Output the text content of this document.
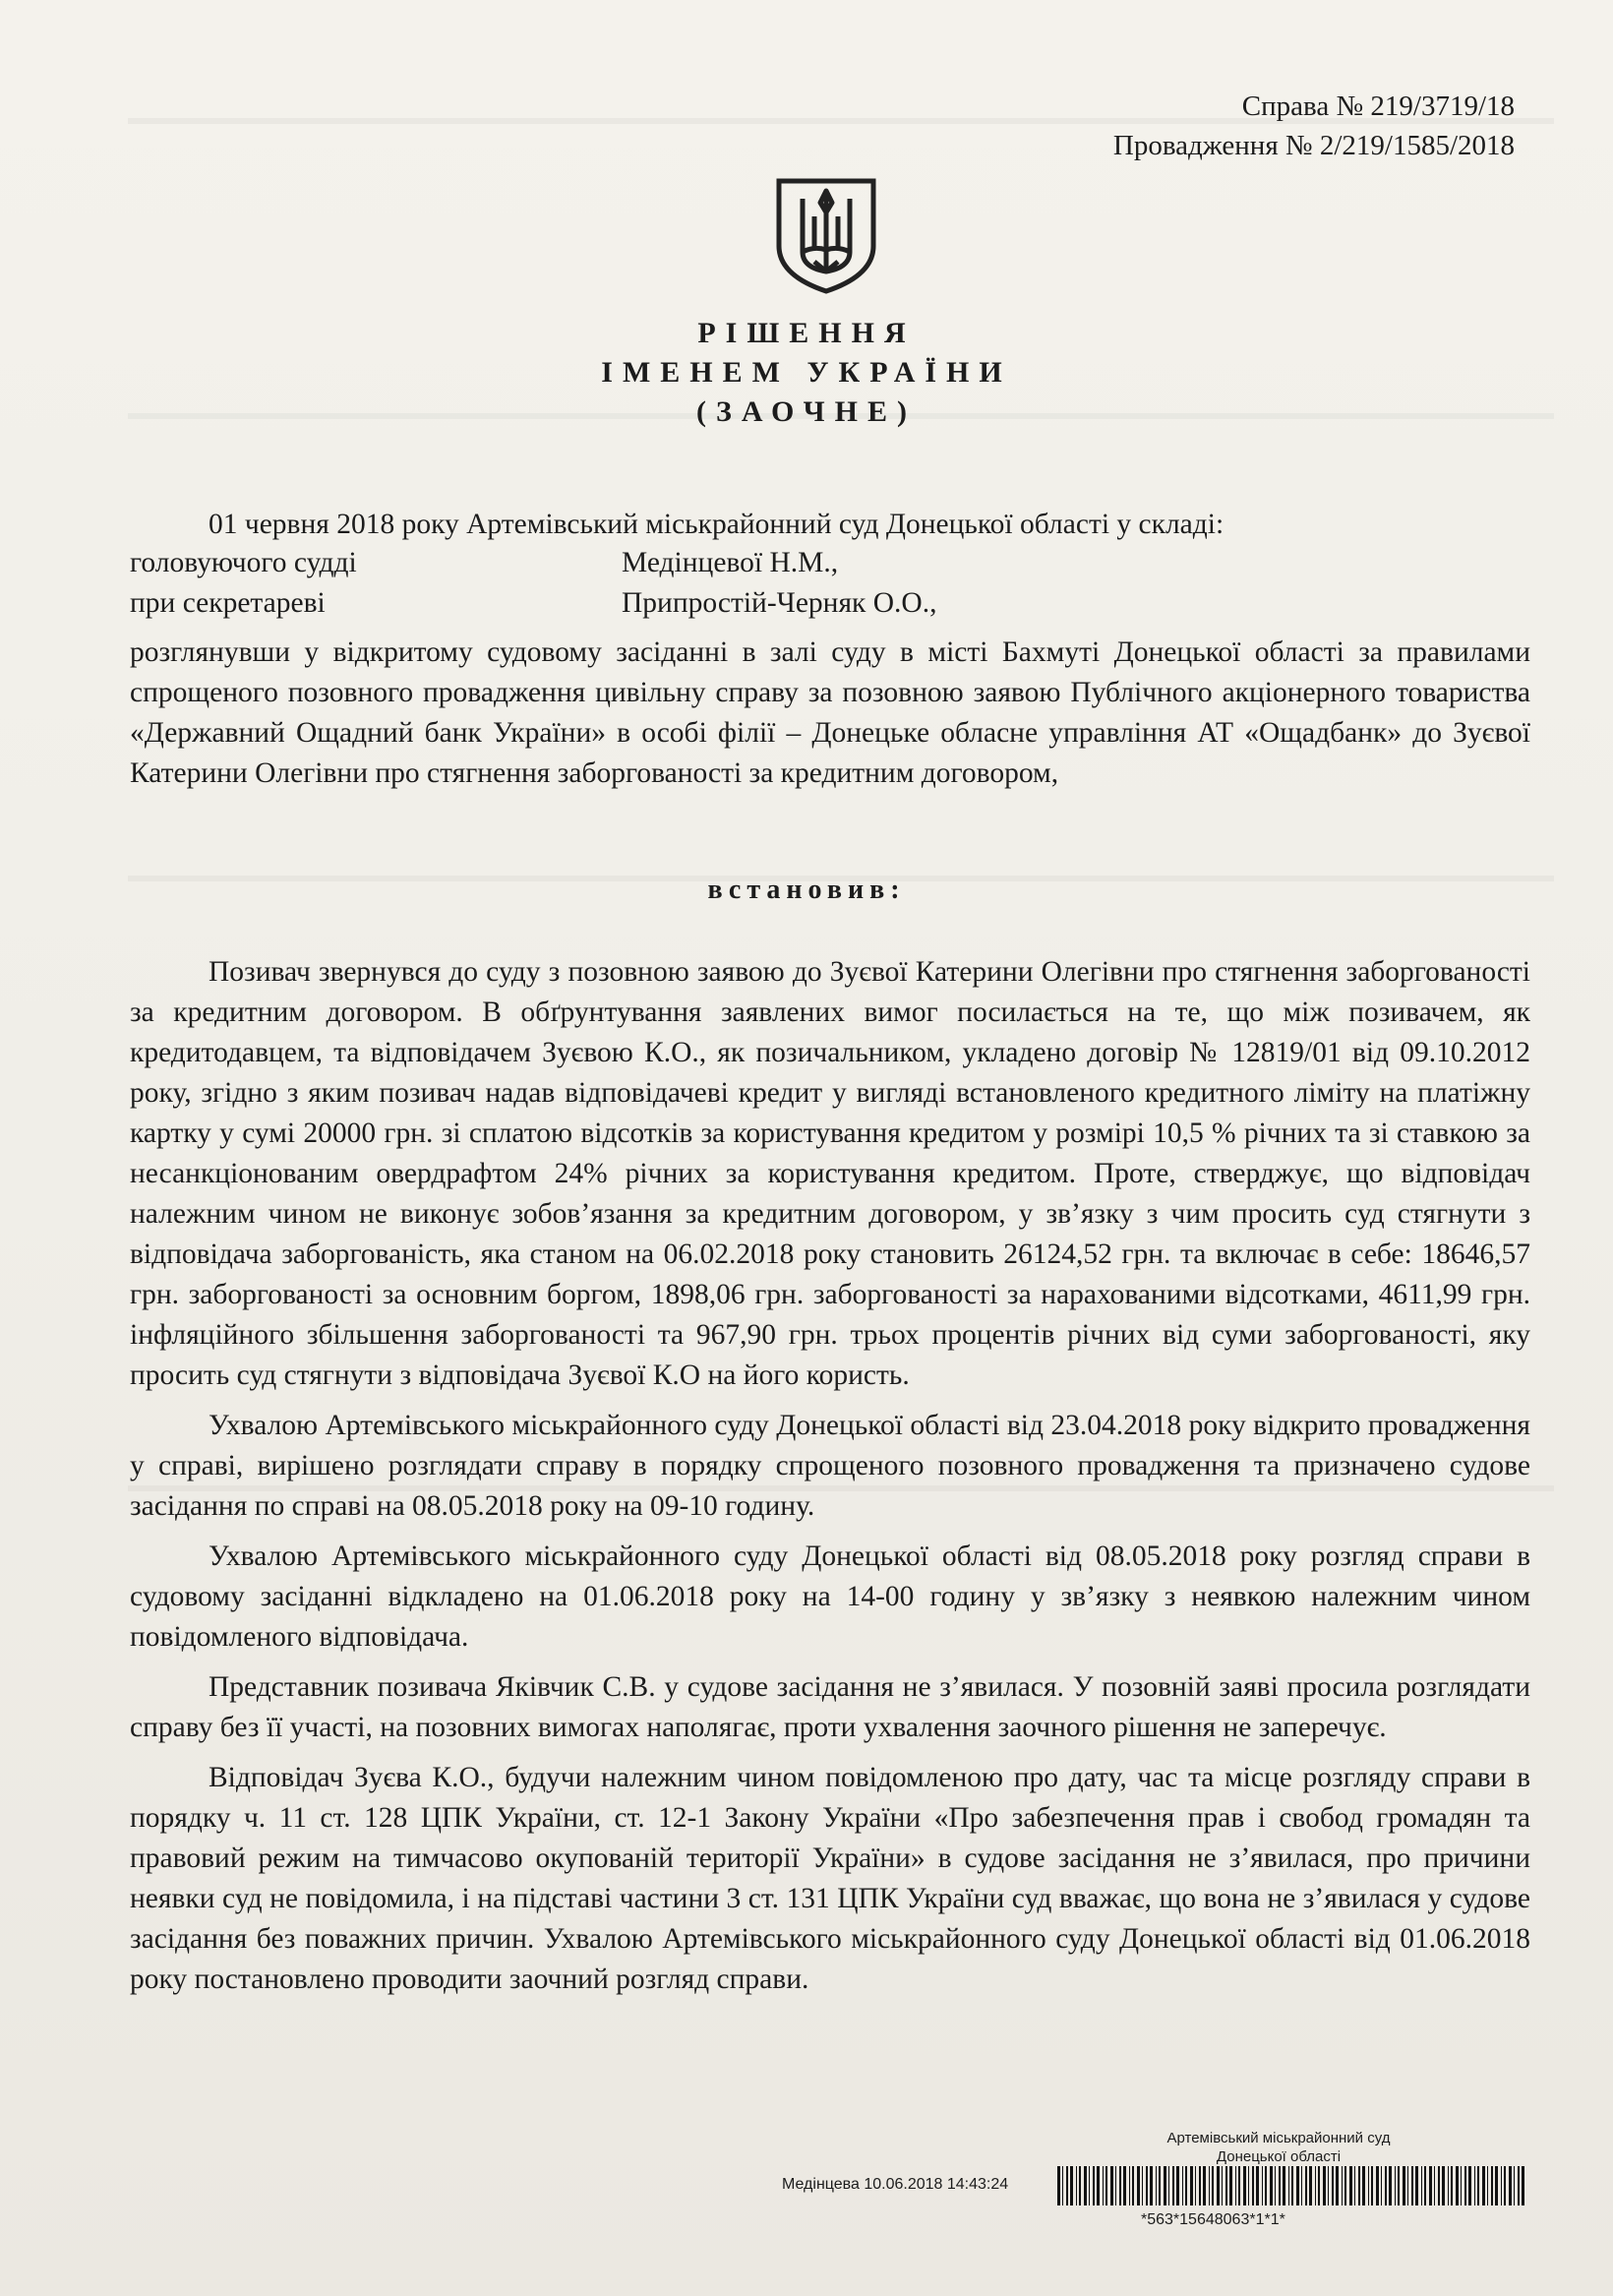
Справа № 219/3719/18
Провадження № 2/219/1585/2018
РІШЕННЯ
ІМЕНЕМ УКРАЇНИ
(ЗАОЧНЕ)

01 червня 2018 року Артемівський міськрайонний суд Донецької області у складі:

головуючого судді	Медінцевої Н.М.,
при секретареві	Припростій-Черняк О.О.,

розглянувши у відкритому судовому засіданні в залі суду в місті Бахмуті Донецької області за правилами спрощеного позовного провадження цивільну справу за позовною заявою Публічного акціонерного товариства «Державний Ощадний банк України» в особі філії – Донецьке обласне управління АТ «Ощадбанк» до Зуєвої Катерини Олегівни про стягнення заборгованості за кредитним договором,

встановив:

Позивач звернувся до суду з позовною заявою до Зуєвої Катерини Олегівни про стягнення заборгованості за кредитним договором. В обґрунтування заявлених вимог посилається на те, що між позивачем, як кредитодавцем, та відповідачем Зуєвою К.О., як позичальником, укладено договір № 12819/01 від 09.10.2012 року, згідно з яким позивач надав відповідачеві кредит у вигляді встановленого кредитного ліміту на платіжну картку у сумі 20000 грн. зі сплатою відсотків за користування кредитом у розмірі 10,5 % річних та зі ставкою за несанкціонованим овердрафтом 24% річних за користування кредитом. Проте, стверджує, що відповідач належним чином не виконує зобов’язання за кредитним договором, у зв’язку з чим просить суд стягнути з відповідача заборгованість, яка станом на 06.02.2018 року становить 26124,52 грн. та включає в себе: 18646,57 грн. заборгованості за основним боргом, 1898,06 грн. заборгованості за нарахованими відсотками, 4611,99 грн. інфляційного збільшення заборгованості та 967,90 грн. трьох процентів річних від суми заборгованості, яку просить суд стягнути з відповідача Зуєвої К.О на його користь.

Ухвалою Артемівського міськрайонного суду Донецької області від 23.04.2018 року відкрито провадження у справі, вирішено розглядати справу в порядку спрощеного позовного провадження та призначено судове засідання по справі на 08.05.2018 року на 09-10 годину.

Ухвалою Артемівського міськрайонного суду Донецької області від 08.05.2018 року розгляд справи в судовому засіданні відкладено на 01.06.2018 року на 14-00 годину у зв’язку з неявкою належним чином повідомленого відповідача.

Представник позивача Яківчик С.В. у судове засідання не з’явилася. У позовній заяві просила розглядати справу без її участі, на позовних вимогах наполягає, проти ухвалення заочного рішення не заперечує.

Відповідач Зуєва К.О., будучи належним чином повідомленою про дату, час та місце розгляду справи в порядку ч. 11 ст. 128 ЦПК України, ст. 12-1 Закону України «Про забезпечення прав і свобод громадян та правовий режим на тимчасово окупованій території України» в судове засідання не з’явилася, про причини неявки суд не повідомила, і на підставі частини 3 ст. 131 ЦПК України суд вважає, що вона не з’явилася у судове засідання без поважних причин. Ухвалою Артемівського міськрайонного суду Донецької області від 01.06.2018 року постановлено проводити заочний розгляд справи.

Артемівський міськрайонний суд
Донецької області
Медінцева 10.06.2018 14:43:24
*563*15648063*1*1*
